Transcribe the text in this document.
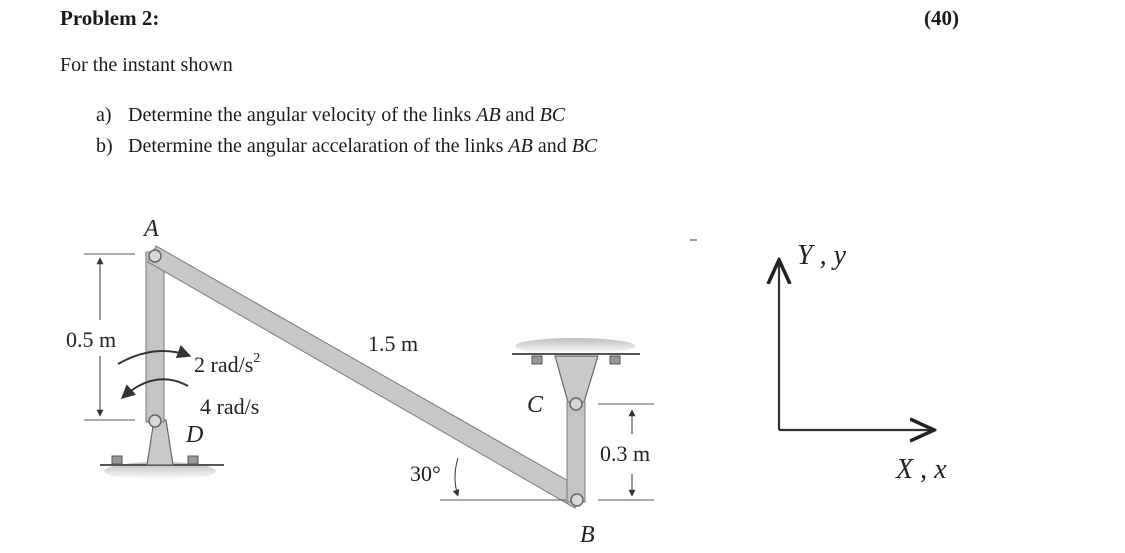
Problem 2:	(40)
For the instant shown
a) Determine the angular velocity of the links AB and BC
b) Determine the angular accelaration of the links AB and BC
0.5 m
2 rad/$s^2$
4 rad/s
1.5 m
0.3 m
30°
A
D
C
B
Y , y
X , x
